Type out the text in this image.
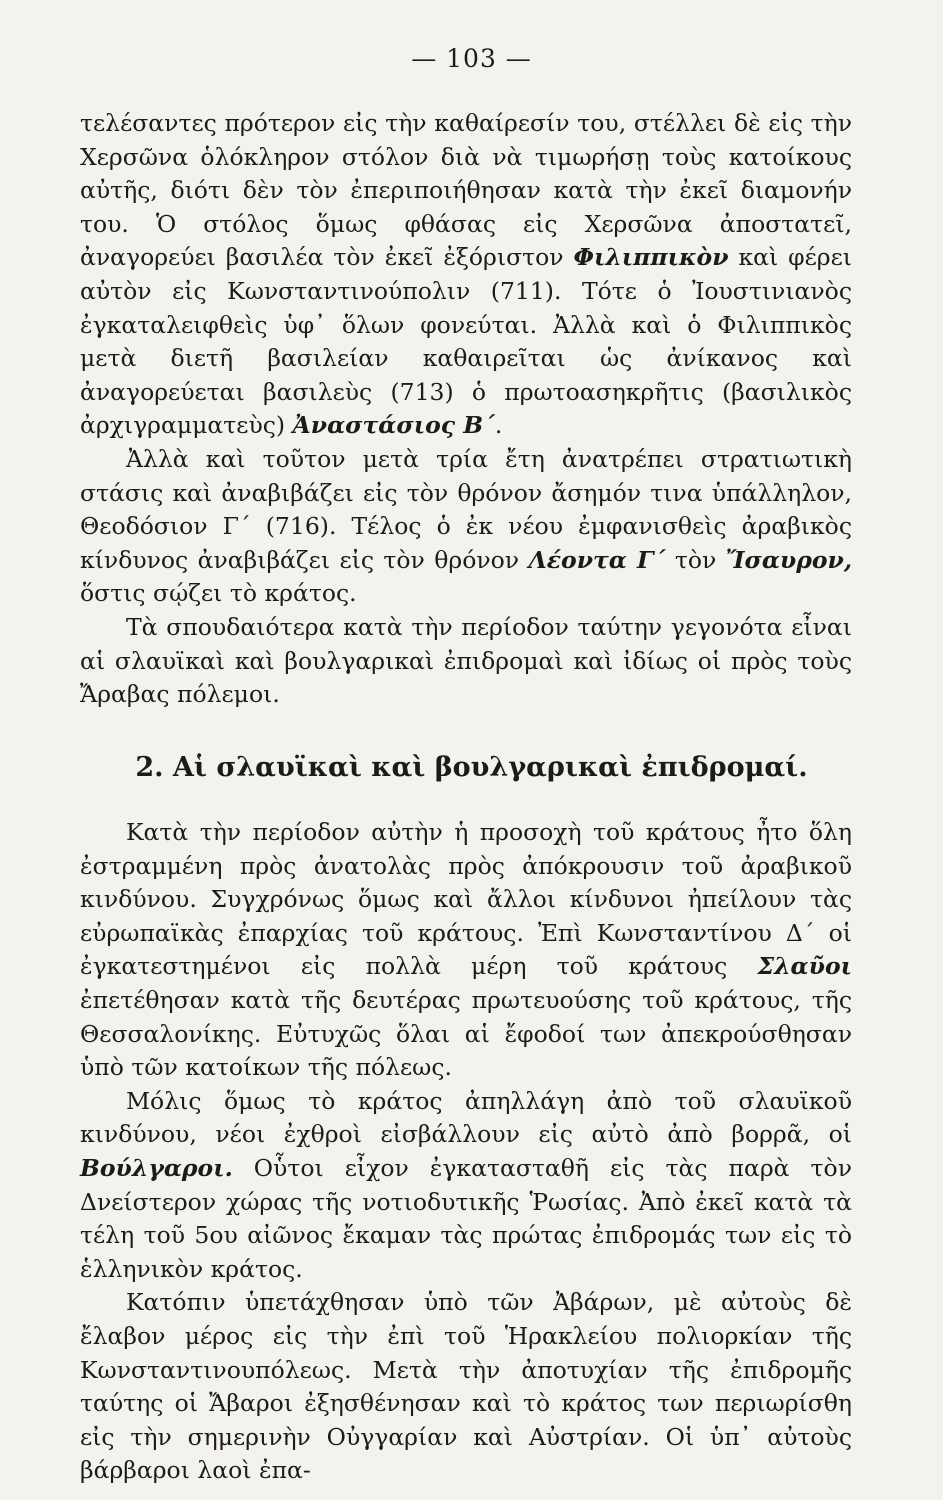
— 103 —

τελέσαντες πρότερον εἰς τὴν καθαίρεσίν του, στέλλει δὲ εἰς τὴν Χερσῶνα ὁλόκληρον στόλον διὰ νὰ τιμωρήσῃ τοὺς κατοίκους αὐτῆς, διότι δὲν τὸν ἐπεριποιήθησαν κατὰ τὴν ἐκεῖ διαμονήν του. Ὁ στόλος ὅμως φθάσας εἰς Χερσῶνα ἀποστατεῖ, ἀναγορεύει βασιλέα τὸν ἐκεῖ ἐξόριστον Φιλιππικὸν καὶ φέρει αὐτὸν εἰς Κωνσταντινούπολιν (711). Τότε ὁ Ἰουστινιανὸς ἐγκαταλειφθεὶς ὑφ᾿ ὅλων φονεύται. Ἀλλὰ καὶ ὁ Φιλιππικὸς μετὰ διετῆ βασιλείαν καθαιρεῖται ὡς ἀνίκανος καὶ ἀναγορεύεται βασιλεὺς (713) ὁ πρωτοασηκρῆτις (βασιλικὸς ἀρχιγραμματεὺς) Ἀναστάσιος Β΄.

Ἀλλὰ καὶ τοῦτον μετὰ τρία ἔτη ἀνατρέπει στρατιωτικὴ στάσις καὶ ἀναβιβάζει εἰς τὸν θρόνον ἄσημόν τινα ὑπάλληλον, Θεοδόσιον Γ΄ (716). Τέλος ὁ ἐκ νέου ἐμφανισθεὶς ἀραβικὸς κίνδυνος ἀναβιβάζει εἰς τὸν θρόνον Λέοντα Γ΄ τὸν Ἴσαυρον, ὅστις σῴζει τὸ κράτος.

Τὰ σπουδαιότερα κατὰ τὴν περίοδον ταύτην γεγονότα εἶναι αἱ σλαυϊκαὶ καὶ βουλγαρικαὶ ἐπιδρομαὶ καὶ ἰδίως οἱ πρὸς τοὺς Ἄραβας πόλεμοι.

2. Αἱ σλαυϊκαὶ καὶ βουλγαρικαὶ ἐπιδρομαί.

Κατὰ τὴν περίοδον αὐτὴν ἡ προσοχὴ τοῦ κράτους ἦτο ὅλη ἐστραμμένη πρὸς ἀνατολὰς πρὸς ἀπόκρουσιν τοῦ ἀραβικοῦ κινδύνου. Συγχρόνως ὅμως καὶ ἄλλοι κίνδυνοι ἠπείλουν τὰς εὐρωπαϊκὰς ἐπαρχίας τοῦ κράτους. Ἐπὶ Κωνσταντίνου Δ΄ οἱ ἐγκατεστημένοι εἰς πολλὰ μέρη τοῦ κράτους Σλαῦοι ἐπετέθησαν κατὰ τῆς δευτέρας πρωτευούσης τοῦ κράτους, τῆς Θεσσαλονίκης. Εὐτυχῶς ὅλαι αἱ ἔφοδοί των ἀπεκρούσθησαν ὑπὸ τῶν κατοίκων τῆς πόλεως.

Μόλις ὅμως τὸ κράτος ἀπηλλάγη ἀπὸ τοῦ σλαυϊκοῦ κινδύνου, νέοι ἐχθροὶ εἰσβάλλουν εἰς αὐτὸ ἀπὸ βορρᾶ, οἱ Βούλγαροι. Οὗτοι εἶχον ἐγκατασταθῆ εἰς τὰς παρὰ τὸν Δνείστερον χώρας τῆς νοτιοδυτικῆς Ῥωσίας. Ἀπὸ ἐκεῖ κατὰ τὰ τέλη τοῦ 5ου αἰῶνος ἔκαμαν τὰς πρώτας ἐπιδρομάς των εἰς τὸ ἑλληνικὸν κράτος.

Κατόπιν ὑπετάχθησαν ὑπὸ τῶν Ἀβάρων, μὲ αὐτοὺς δὲ ἔλαβον μέρος εἰς τὴν ἐπὶ τοῦ Ἡρακλείου πολιορκίαν τῆς Κωνσταντινουπόλεως. Μετὰ τὴν ἀποτυχίαν τῆς ἐπιδρομῆς ταύτης οἱ Ἄβαροι ἐξησθένησαν καὶ τὸ κράτος των περιωρίσθη εἰς τὴν σημερινὴν Οὐγγαρίαν καὶ Αὐστρίαν. Οἱ ὑπ᾿ αὐτοὺς βάρβαροι λαοὶ ἐπα-
